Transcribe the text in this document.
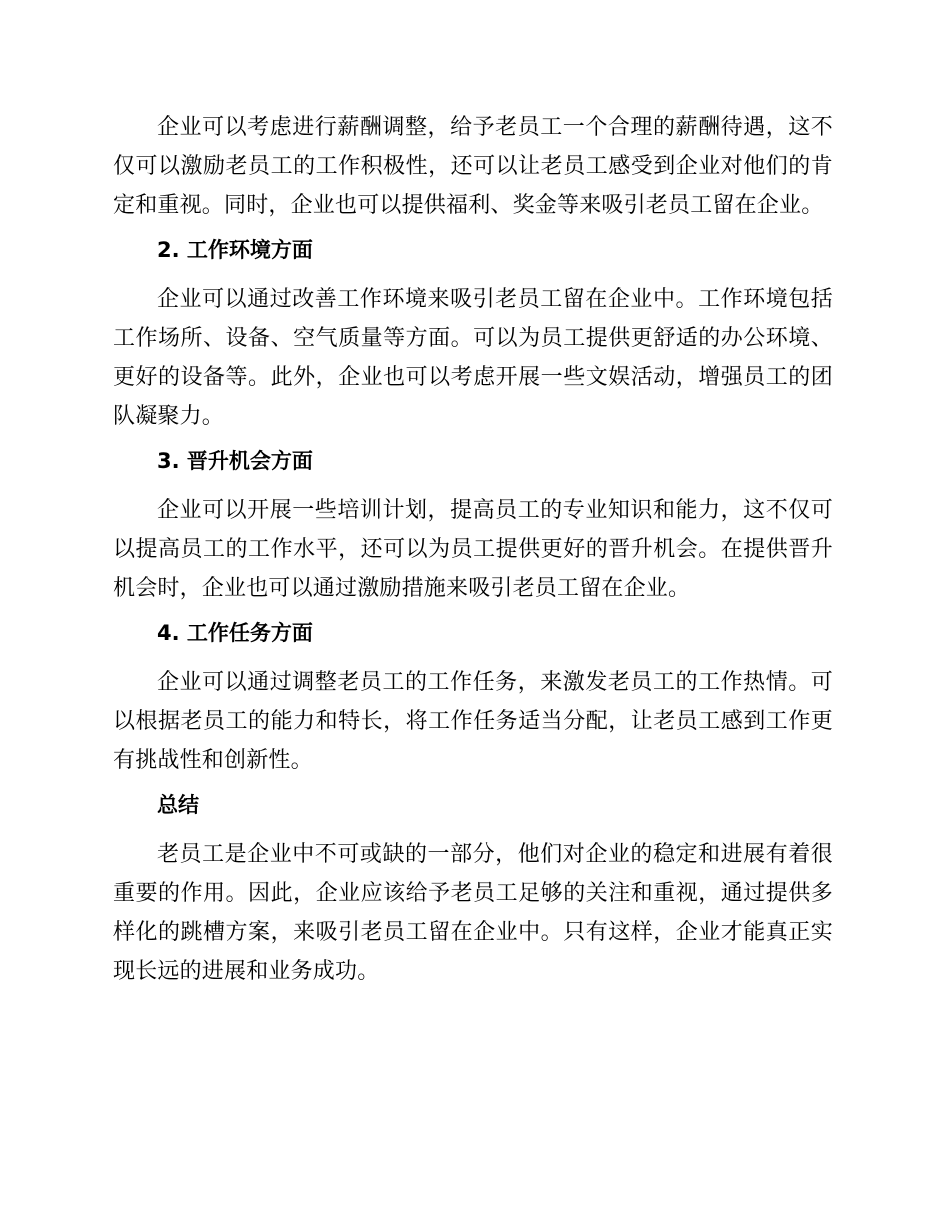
企业可以考虑进行薪酬调整，给予老员工一个合理的薪酬待遇，这不仅可以激励老员工的工作积极性，还可以让老员工感受到企业对他们的肯定和重视。同时，企业也可以提供福利、奖金等来吸引老员工留在企业。

2. 工作环境方面

企业可以通过改善工作环境来吸引老员工留在企业中。工作环境包括工作场所、设备、空气质量等方面。可以为员工提供更舒适的办公环境、更好的设备等。此外，企业也可以考虑开展一些文娱活动，增强员工的团队凝聚力。

3. 晋升机会方面

企业可以开展一些培训计划，提高员工的专业知识和能力，这不仅可以提高员工的工作水平，还可以为员工提供更好的晋升机会。在提供晋升机会时，企业也可以通过激励措施来吸引老员工留在企业。

4. 工作任务方面

企业可以通过调整老员工的工作任务，来激发老员工的工作热情。可以根据老员工的能力和特长，将工作任务适当分配，让老员工感到工作更有挑战性和创新性。

总结

老员工是企业中不可或缺的一部分，他们对企业的稳定和进展有着很重要的作用。因此，企业应该给予老员工足够的关注和重视，通过提供多样化的跳槽方案，来吸引老员工留在企业中。只有这样，企业才能真正实现长远的进展和业务成功。
